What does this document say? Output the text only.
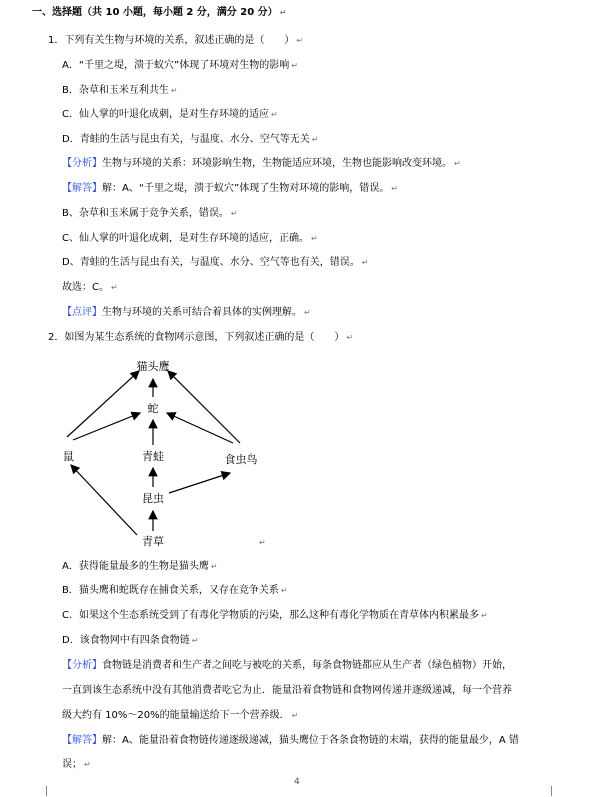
一、选择题（共 10 小题，每小题 2 分，满分 20 分） ↵
1．下列有关生物与环境的关系，叙述正确的是（　　） ↵
A．“千里之堤，溃于蚁穴”体现了环境对生物的影响 ↵
B．杂草和玉米互利共生 ↵
C．仙人掌的叶退化成刺，是对生存环境的适应 ↵
D．青蛙的生活与昆虫有关，与温度、水分、空气等无关 ↵
【分析】生物与环境的关系：环境影响生物，生物能适应环境，生物也能影响改变环境。 ↵
【解答】解：A、“千里之堤，溃于蚁穴”体现了生物对环境的影响，错误。 ↵
B、杂草和玉米属于竞争关系，错误。 ↵
C、仙人掌的叶退化成刺，是对生存环境的适应，正确。 ↵
D、青蛙的生活与昆虫有关，与温度、水分、空气等也有关，错误。 ↵
故选：C。 ↵
【点评】生物与环境的关系可结合着具体的实例理解。 ↵
2．如图为某生态系统的食物网示意图，下列叙述正确的是（　　） ↵
猫头鹰
蛇
鼠	青蛙	食虫鸟
昆虫
青草	↵
A．获得能量最多的生物是猫头鹰 ↵
B．猫头鹰和蛇既存在捕食关系，又存在竞争关系 ↵
C．如果这个生态系统受到了有毒化学物质的污染，那么这种有毒化学物质在青草体内积累最多 ↵
D．该食物网中有四条食物链 ↵
【分析】食物链是消费者和生产者之间吃与被吃的关系，每条食物链都应从生产者（绿色植物）开始，
一直到该生态系统中没有其他消费者吃它为止．能量沿着食物链和食物网传递并逐级递减，每一个营养
级大约有 10%～20%的能量输送给下一个营养级． ↵
【解答】解：A、能量沿着食物链传递逐级递减，猫头鹰位于各条食物链的末端，获得的能量最少，A 错
误； ↵
4
